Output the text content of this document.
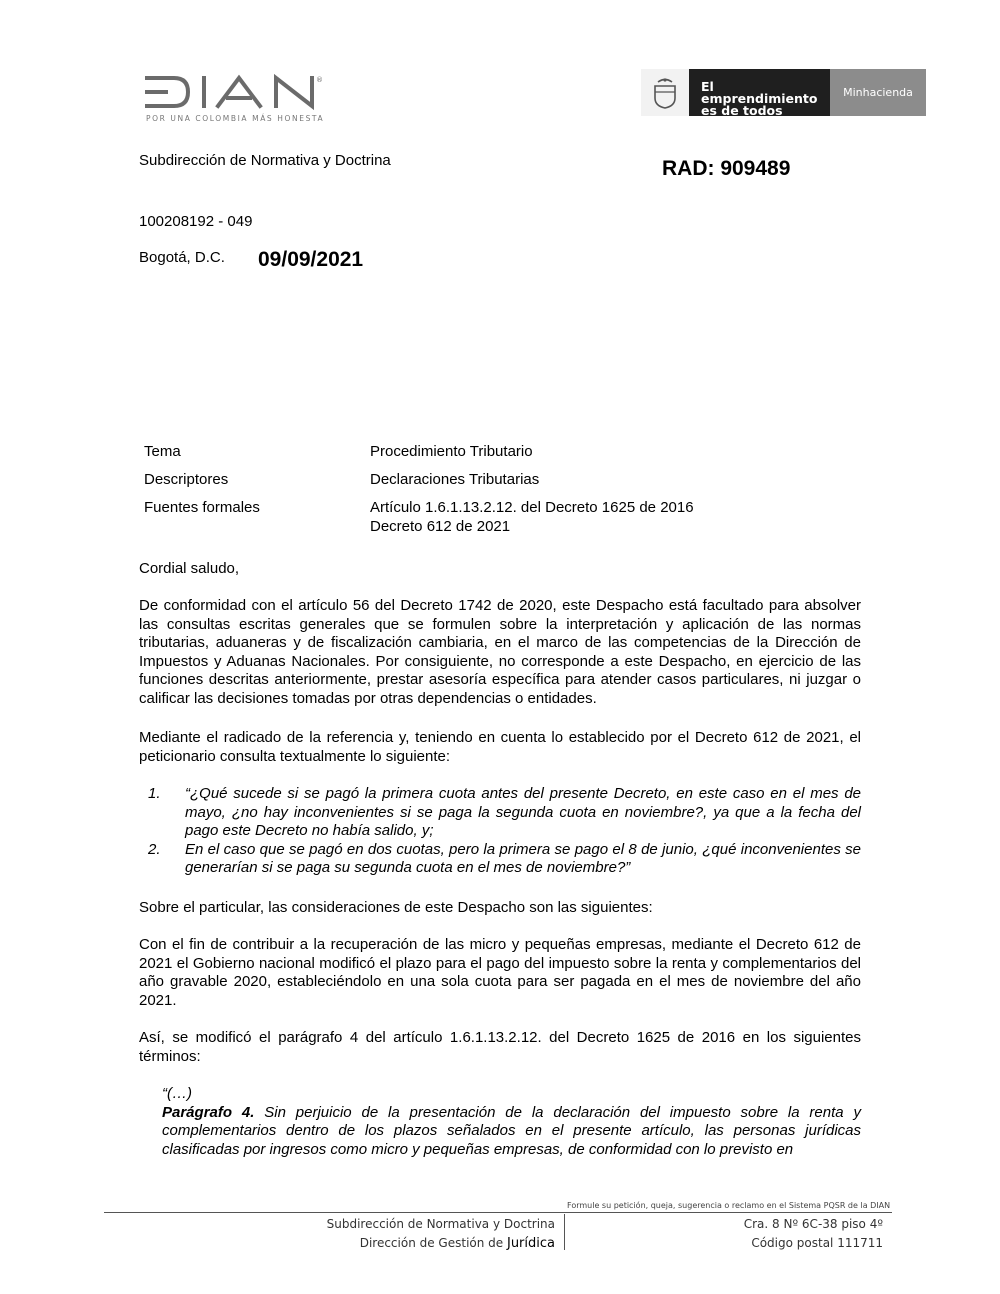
®
POR UNA COLOMBIA MÁS HONESTA
El emprendimiento
es de todos
Minhacienda
Subdirección de Normativa y Doctrina	RAD: 909489
100208192 - 049
Bogotá, D.C. 09/09/2021
Tema	Procedimiento Tributario
Descriptores	Declaraciones Tributarias
Fuentes formales	Artículo 1.6.1.13.2.12. del Decreto 1625 de 2016
Decreto 612 de 2021
Cordial saludo,

De conformidad con el artículo 56 del Decreto 1742 de 2020, este Despacho está facultado para absolver las consultas escritas generales que se formulen sobre la interpretación y aplicación de las normas tributarias, aduaneras y de fiscalización cambiaria, en el marco de las competencias de la Dirección de Impuestos y Aduanas Nacionales. Por consiguiente, no corresponde a este Despacho, en ejercicio de las funciones descritas anteriormente, prestar asesoría específica para atender casos particulares, ni juzgar o calificar las decisiones tomadas por otras dependencias o entidades.

Mediante el radicado de la referencia y, teniendo en cuenta lo establecido por el Decreto 612 de 2021, el peticionario consulta textualmente lo siguiente:

1.	“¿Qué sucede si se pagó la primera cuota antes del presente Decreto, en este caso en el mes de mayo, ¿no hay inconvenientes si se paga la segunda cuota en noviembre?, ya que a la fecha del pago este Decreto no había salido, y;
2.	En el caso que se pagó en dos cuotas, pero la primera se pago el 8 de junio, ¿qué inconvenientes se generarían si se paga su segunda cuota en el mes de noviembre?”

Sobre el particular, las consideraciones de este Despacho son las siguientes:

Con el fin de contribuir a la recuperación de las micro y pequeñas empresas, mediante el Decreto 612 de 2021 el Gobierno nacional modificó el plazo para el pago del impuesto sobre la renta y complementarios del año gravable 2020, estableciéndolo en una sola cuota para ser pagada en el mes de noviembre del año 2021.

Así, se modificó el parágrafo 4 del artículo 1.6.1.13.2.12. del Decreto 1625 de 2016 en los siguientes términos:

“(…)
Parágrafo 4. Sin perjuicio de la presentación de la declaración del impuesto sobre la renta y complementarios dentro de los plazos señalados en el presente artículo, las personas jurídicas clasificadas por ingresos como micro y pequeñas empresas, de conformidad con lo previsto en
Formule su petición, queja, sugerencia o reclamo en el Sistema PQSR de la DIAN
Subdirección de Normativa y Doctrina
Dirección de Gestión de Jurídica
Cra. 8 Nº 6C-38 piso 4º
Código postal 111711
